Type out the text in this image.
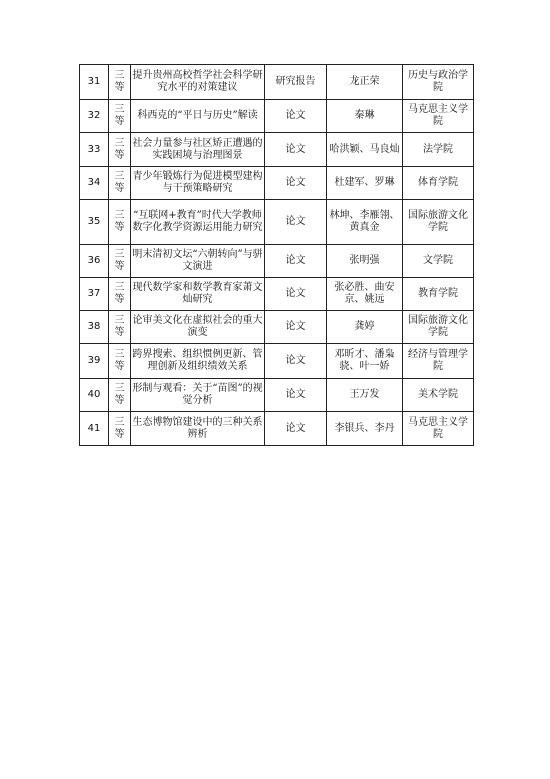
31	三等	提升贵州高校哲学社会科学研究水平的对策建议	研究报告	龙正荣	历史与政治学院
32	三等	科西克的“平日与历史”解读	论文	秦琳	马克思主义学院
33	三等	社会力量参与社区矫正遭遇的实践困境与治理图景	论文	哈洪颖、马良灿	法学院
34	三等	青少年锻炼行为促进模型建构与干预策略研究	论文	杜建军、罗琳	体育学院
35	三等	“互联网+教育”时代大学教师数字化教学资源运用能力研究	论文	林坤、李雁翎、黄真金	国际旅游文化学院
36	三等	明末清初文坛“六朝转向”与骈文演进	论文	张明强	文学院
37	三等	现代数学家和数学教育家萧文灿研究	论文	张必胜、曲安京、姚远	教育学院
38	三等	论审美文化在虚拟社会的重大演变	论文	龚婷	国际旅游文化学院
39	三等	跨界搜索、组织惯例更新、管理创新及组织绩效关系	论文	邓昕才、潘枭骁、叶一娇	经济与管理学院
40	三等	形制与观看：关于“苗图”的视觉分析	论文	王万发	美术学院
41	三等	生态博物馆建设中的三种关系辨析	论文	李银兵、李丹	马克思主义学院
